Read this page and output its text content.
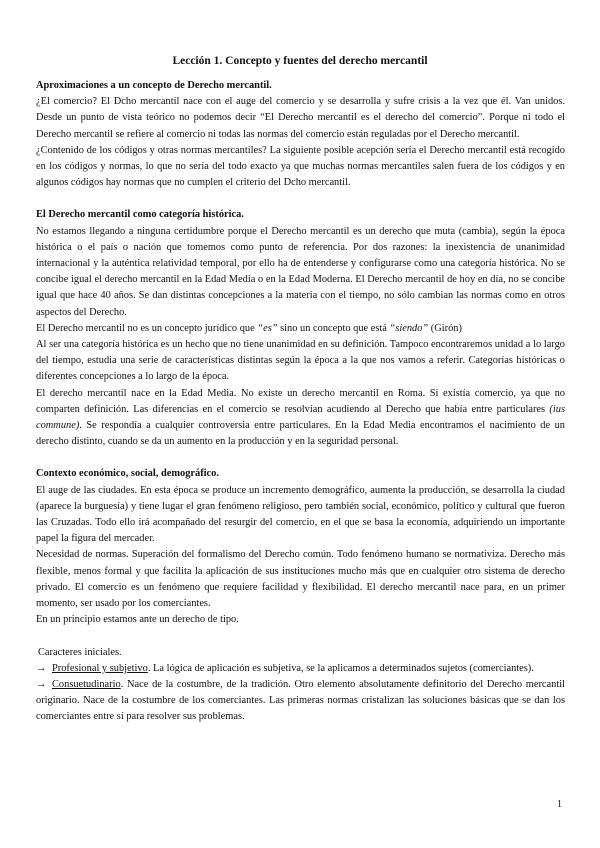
Lección 1. Concepto y fuentes del derecho mercantil

Aproximaciones a un concepto de Derecho mercantil.

¿El comercio? El Dcho mercantil nace con el auge del comercio y se desarrolla y sufre crisis a la vez que él. Van unidos. Desde un punto de vista teórico no podemos decir “El Derecho mercantil es el derecho del comercio”. Porque ni todo el Derecho mercantil se refiere al comercio ni todas las normas del comercio están reguladas por el Derecho mercantil.

¿Contenido de los códigos y otras normas mercantiles? La siguiente posible acepción sería el Derecho mercantil está recogido en los códigos y normas, lo que no sería del todo exacto ya que muchas normas mercantiles salen fuera de los códigos y en algunos códigos hay normas que no cumplen el criterio del Dcho mercantil.

El Derecho mercantil como categoría histórica.

No estamos llegando a ninguna certidumbre porque el Derecho mercantil es un derecho que muta (cambia), según la época histórica o el país o nación que tomemos como punto de referencia. Por dos razones: la inexistencia de unanimidad internacional y la auténtica relatividad temporal, por ello ha de entenderse y configurarse como una categoría histórica. No se concibe igual el derecho mercantil en la Edad Media o en la Edad Moderna. El Derecho mercantil de hoy en día, no se concibe igual que hace 40 años. Se dan distintas concepciones a la materia con el tiempo, no sólo cambian las normas como en otros aspectos del Derecho.

El Derecho mercantil no es un concepto jurídico que “es” sino un concepto que está “siendo” (Girón)

Al ser una categoría histórica es un hecho que no tiene unanimidad en su definición. Tampoco encontraremos unidad a lo largo del tiempo, estudia una serie de características distintas según la época a la que nos vamos a referir. Categorías históricas o diferentes concepciones a lo largo de la época.

El derecho mercantil nace en la Edad Media. No existe un derecho mercantil en Roma. Si existía comercio, ya que no comparten definición. Las diferencias en el comercio se resolvían acudiendo al Derecho que había entre particulares (ius commune). Se respondía a cualquier controversia entre particulares. En la Edad Media encontramos el nacimiento de un derecho distinto, cuando se da un aumento en la producción y en la seguridad personal.

Contexto económico, social, demográfico.

El auge de las ciudades. En esta época se produce un incremento demográfico, aumenta la producción, se desarrolla la ciudad (aparece la burguesía) y tiene lugar el gran fenómeno religioso, pero también social, económico, político y cultural que fueron las Cruzadas. Todo ello irá acompañado del resurgir del comercio, en el que se basa la economía, adquiriendo un importante papel la figura del mercader.

Necesidad de normas. Superación del formalismo del Derecho común. Todo fenómeno humano se normativiza. Derecho más flexible, menos formal y que facilita la aplicación de sus instituciones mucho más que en cualquier otro sistema de derecho privado. El comercio es un fenómeno que requiere facilidad y flexibilidad. El derecho mercantil nace para, en un primer momento, ser usado por los comerciantes.

En un principio estamos ante un derecho de tipo.

Caracteres iniciales.

→ Profesional y subjetivo. La lógica de aplicación es subjetiva, se la aplicamos a determinados sujetos (comerciantes).

→ Consuetudinario. Nace de la costumbre, de la tradición. Otro elemento absolutamente definitorio del Derecho mercantil originario. Nace de la costumbre de los comerciantes. Las primeras normas cristalizan las soluciones básicas que se dan los comerciantes entre sí para resolver sus problemas.

1
